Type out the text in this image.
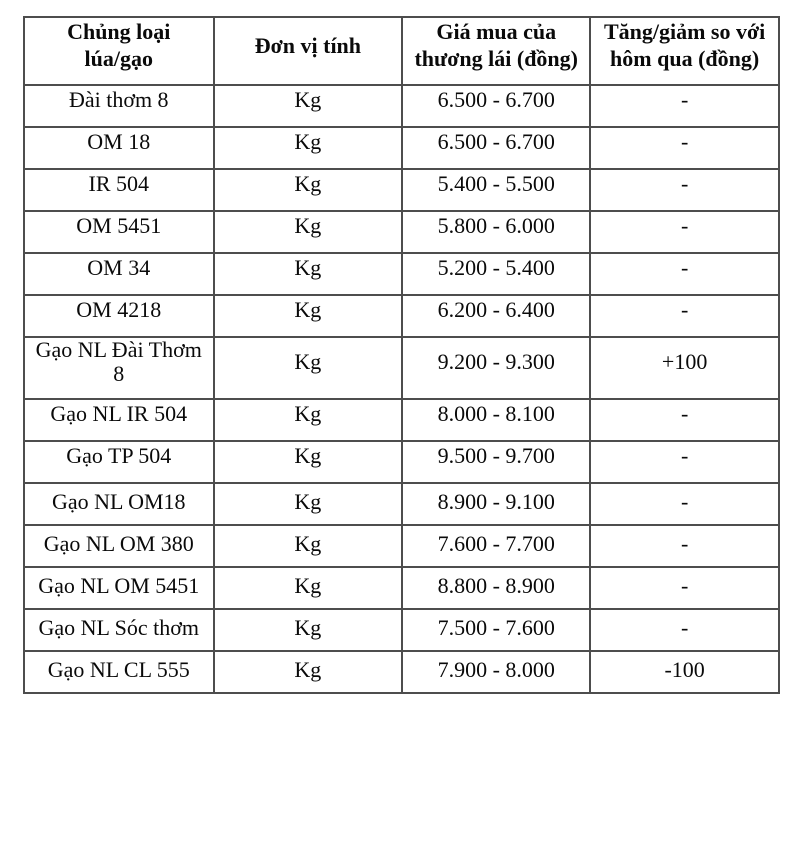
Chủng loại lúa/gạo	Đơn vị tính	Giá mua của thương lái (đồng)	Tăng/giảm so với hôm qua (đồng)
Đài thơm 8	Kg	6.500 - 6.700	-
OM 18	Kg	6.500 - 6.700	-
IR 504	Kg	5.400 - 5.500	-
OM 5451	Kg	5.800 - 6.000	-
OM 34	Kg	5.200 - 5.400	-
OM 4218	Kg	6.200 - 6.400	-
Gạo NL Đài Thơm 8	Kg	9.200 - 9.300	+100
Gạo NL IR 504	Kg	8.000 - 8.100	-
Gạo TP 504	Kg	9.500 - 9.700	-
Gạo NL OM18	Kg	8.900 - 9.100	-
Gạo NL OM 380	Kg	7.600 - 7.700	-
Gạo NL OM 5451	Kg	8.800 - 8.900	-
Gạo NL Sóc thơm	Kg	7.500 - 7.600	-
Gạo NL CL 555	Kg	7.900 - 8.000	-100
